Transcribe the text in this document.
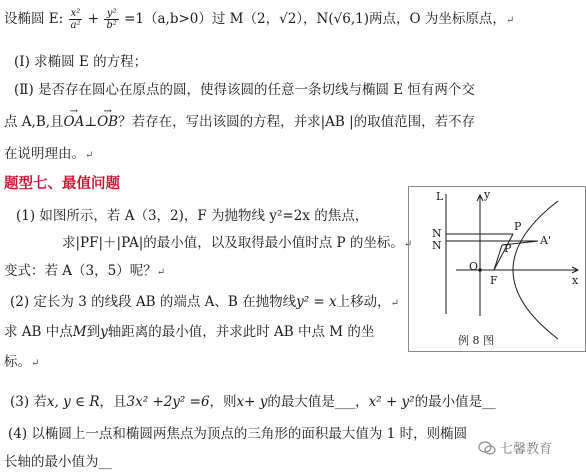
设椭圆 E: $\frac{\text{x²}}{\text{a²}} + \frac{\text{y²}}{\text{b²}} =1(a,b>0)$过 M（2，√2），N(√6,1)两点，O 为坐标原点，↵
(Ⅰ) 求椭圆 E 的方程；
(Ⅱ) 是否存在圆心在原点的圆，使得该圆的任意一条切线与椭圆 E 恒有两个交
点 A,B,且→ OA⊥→ OB？若存在，写出该圆的方程，并求|AB |的取值范围，若不存
在说明理由。↵
题型七、最值问题
(1) 如图所示，若 A（3，2)，F 为抛物线 y²=2x 的焦点，
求|PF|＋|PA|的最小值，以及取得最小值时点 P 的坐标。↵
变式：若 A（3，5）呢？↵
(2) 定长为 3 的线段 AB 的端点 A、B 在抛物线y² = x上移动，↵
求 AB 中点M到y轴距离的最小值，并求此时 AB 中点 M 的坐
标。↵
(3) 若x, y ∈ R，且3x² +2y² =6，则x+ y的最大值是___，x² + y²的最小值是__
(4) 以椭圆上一点和椭圆两焦点为顶点的三角形的面积最大值为 1 时，则椭圆
长轴的最小值为__
L	y
P
N
N	A'
P
O
F	x
例 8 图
七馨教育
